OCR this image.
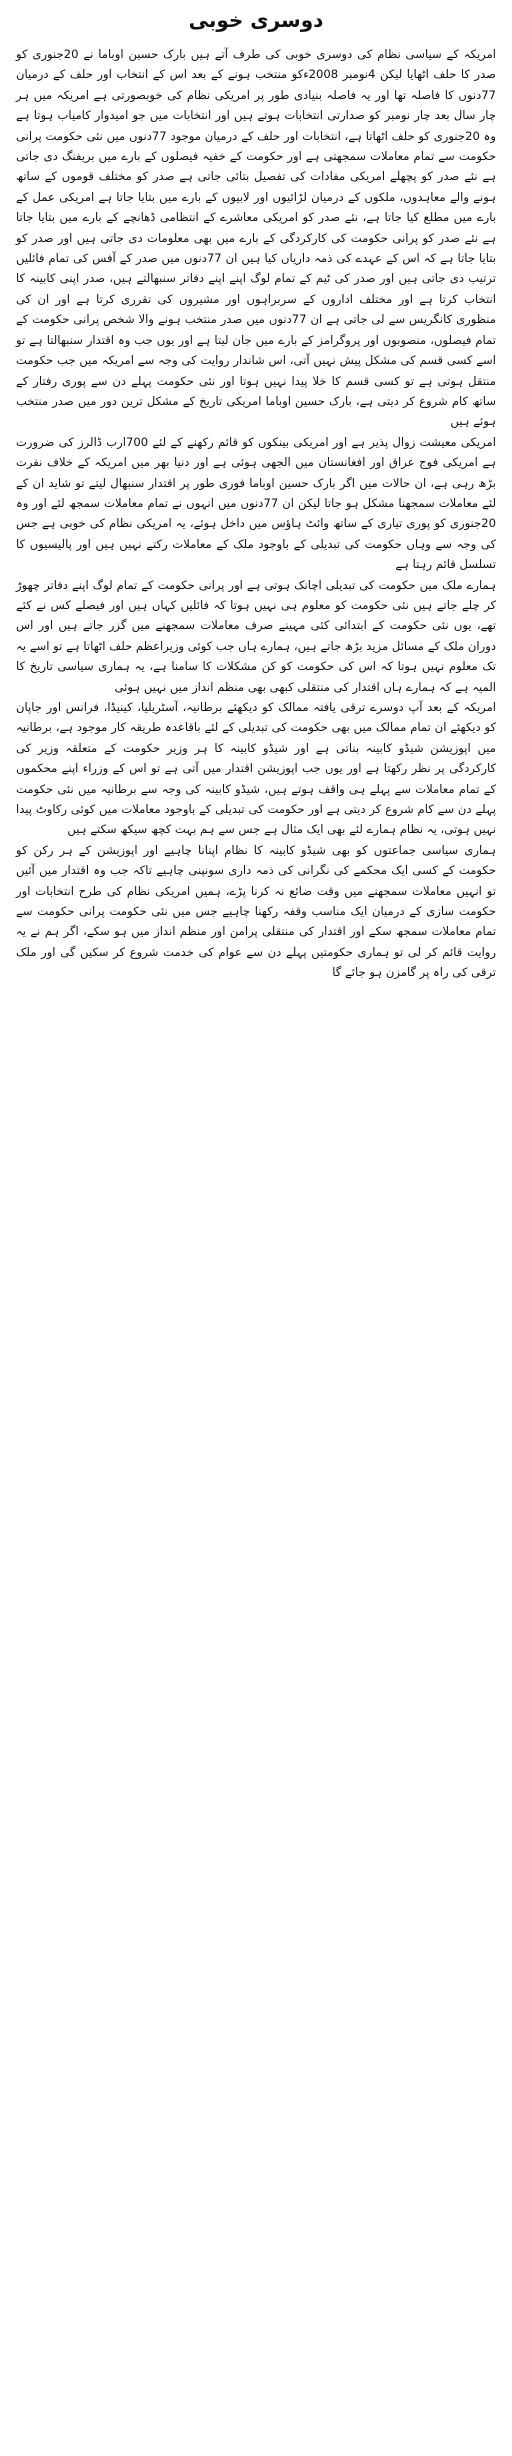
دوسری خوبی

امریکہ کے سیاسی نظام کی دوسری خوبی کی طرف آتے ہیں بارک حسین اوباما نے 20جنوری کو صدر کا حلف اٹھایا لیکن 4نومبر 2008ءکو منتخب ہونے کے بعد اس کے انتخاب اور حلف کے درمیان 77دنوں کا فاصلہ تھا اور یہ فاصلہ بنیادی طور پر امریکی نظام کی خوبصورتی ہے امریکہ میں ہر چار سال بعد چار نومبر کو صدارتی انتخابات ہوتے ہیں اور انتخابات میں جو امیدوار کامیاب ہوتا ہے وہ 20جنوری کو حلف اٹھاتا ہے، انتخابات اور حلف کے درمیان موجود 77دنوں میں نئی حکومت پرانی حکومت سے تمام معاملات سمجھتی ہے اور حکومت کے خفیہ فیصلوں کے بارے میں بریفنگ دی جاتی ہے نئے صدر کو پچھلے امریکی مفادات کی تفصیل بتائی جاتی ہے صدر کو مختلف قوموں کے ساتھ ہونے والے معاہدوں، ملکوں کے درمیان لڑائیوں اور لابیوں کے بارے میں بتایا جاتا ہے امریکی عمل کے بارے میں مطلع کیا جاتا ہے، نئے صدر کو امریکی معاشرے کے انتظامی ڈھانچے کے بارے میں بتایا جاتا ہے نئے صدر کو پرانی حکومت کی کارکردگی کے بارے میں بھی معلومات دی جاتی ہیں اور صدر کو بتایا جاتا ہے کہ اس کے عہدے کی ذمہ داریاں کیا ہیں ان 77دنوں میں صدر کے آفس کی تمام فائلیں ترتیب دی جاتی ہیں اور صدر کی ٹیم کے تمام لوگ اپنے اپنے دفاتر سنبھالتے ہیں، صدر اپنی کابینہ کا انتخاب کرتا ہے اور مختلف اداروں کے سربراہوں اور مشیروں کی تقرری کرتا ہے اور ان کی منظوری کانگریس سے لی جاتی ہے ان 77دنوں میں صدر منتخب ہونے والا شخص پرانی حکومت کے تمام فیصلوں، منصوبوں اور پروگرامز کے بارے میں جان لیتا ہے اور یوں جب وہ اقتدار سنبھالتا ہے تو اسے کسی قسم کی مشکل پیش نہیں آتی، اس شاندار روایت کی وجہ سے امریکہ میں جب حکومت منتقل ہوتی ہے تو کسی قسم کا خلا پیدا نہیں ہوتا اور نئی حکومت پہلے دن سے پوری رفتار کے ساتھ کام شروع کر دیتی ہے، بارک حسین اوباما امریکی تاریخ کے مشکل ترین دور میں صدر منتخب ہوئے ہیں

امریکی معیشت زوال پذیر ہے اور امریکی بینکوں کو قائم رکھنے کے لئے 700ارب ڈالرز کی ضرورت ہے امریکی فوج عراق اور افغانستان میں الجھی ہوئی ہے اور دنیا بھر میں امریکہ کے خلاف نفرت بڑھ رہی ہے، ان حالات میں اگر بارک حسین اوباما فوری طور پر اقتدار سنبھال لیتے تو شاید ان کے لئے معاملات سمجھنا مشکل ہو جاتا لیکن ان 77دنوں میں انہوں نے تمام معاملات سمجھ لئے اور وہ 20جنوری کو پوری تیاری کے ساتھ وائٹ ہاؤس میں داخل ہوئے، یہ امریکی نظام کی خوبی ہے جس کی وجہ سے وہاں حکومت کی تبدیلی کے باوجود ملک کے معاملات رکتے نہیں ہیں اور پالیسیوں کا تسلسل قائم رہتا ہے

ہمارے ملک میں حکومت کی تبدیلی اچانک ہوتی ہے اور پرانی حکومت کے تمام لوگ اپنے دفاتر چھوڑ کر چلے جاتے ہیں نئی حکومت کو معلوم ہی نہیں ہوتا کہ فائلیں کہاں ہیں اور فیصلے کس نے کئے تھے، یوں نئی حکومت کے ابتدائی کئی مہینے صرف معاملات سمجھنے میں گزر جاتے ہیں اور اس دوران ملک کے مسائل مزید بڑھ جاتے ہیں، ہمارے ہاں جب کوئی وزیراعظم حلف اٹھاتا ہے تو اسے یہ تک معلوم نہیں ہوتا کہ اس کی حکومت کو کن مشکلات کا سامنا ہے، یہ ہماری سیاسی تاریخ کا المیہ ہے کہ ہمارے ہاں اقتدار کی منتقلی کبھی بھی منظم انداز میں نہیں ہوئی

امریکہ کے بعد آپ دوسرے ترقی یافتہ ممالک کو دیکھئے برطانیہ، آسٹریلیا، کینیڈا، فرانس اور جاپان کو دیکھئے ان تمام ممالک میں بھی حکومت کی تبدیلی کے لئے باقاعدہ طریقہ کار موجود ہے، برطانیہ میں اپوزیشن شیڈو کابینہ بناتی ہے اور شیڈو کابینہ کا ہر وزیر حکومت کے متعلقہ وزیر کی کارکردگی پر نظر رکھتا ہے اور یوں جب اپوزیشن اقتدار میں آتی ہے تو اس کے وزراء اپنے محکموں کے تمام معاملات سے پہلے ہی واقف ہوتے ہیں، شیڈو کابینہ کی وجہ سے برطانیہ میں نئی حکومت پہلے دن سے کام شروع کر دیتی ہے اور حکومت کی تبدیلی کے باوجود معاملات میں کوئی رکاوٹ پیدا نہیں ہوتی، یہ نظام ہمارے لئے بھی ایک مثال ہے جس سے ہم بہت کچھ سیکھ سکتے ہیں

ہماری سیاسی جماعتوں کو بھی شیڈو کابینہ کا نظام اپنانا چاہیے اور اپوزیشن کے ہر رکن کو حکومت کے کسی ایک محکمے کی نگرانی کی ذمہ داری سونپنی چاہیے تاکہ جب وہ اقتدار میں آئیں تو انہیں معاملات سمجھنے میں وقت ضائع نہ کرنا پڑے، ہمیں امریکی نظام کی طرح انتخابات اور حکومت سازی کے درمیان ایک مناسب وقفہ رکھنا چاہیے جس میں نئی حکومت پرانی حکومت سے تمام معاملات سمجھ سکے اور اقتدار کی منتقلی پرامن اور منظم انداز میں ہو سکے، اگر ہم نے یہ روایت قائم کر لی تو ہماری حکومتیں پہلے دن سے عوام کی خدمت شروع کر سکیں گی اور ملک ترقی کی راہ پر گامزن ہو جائے گا
